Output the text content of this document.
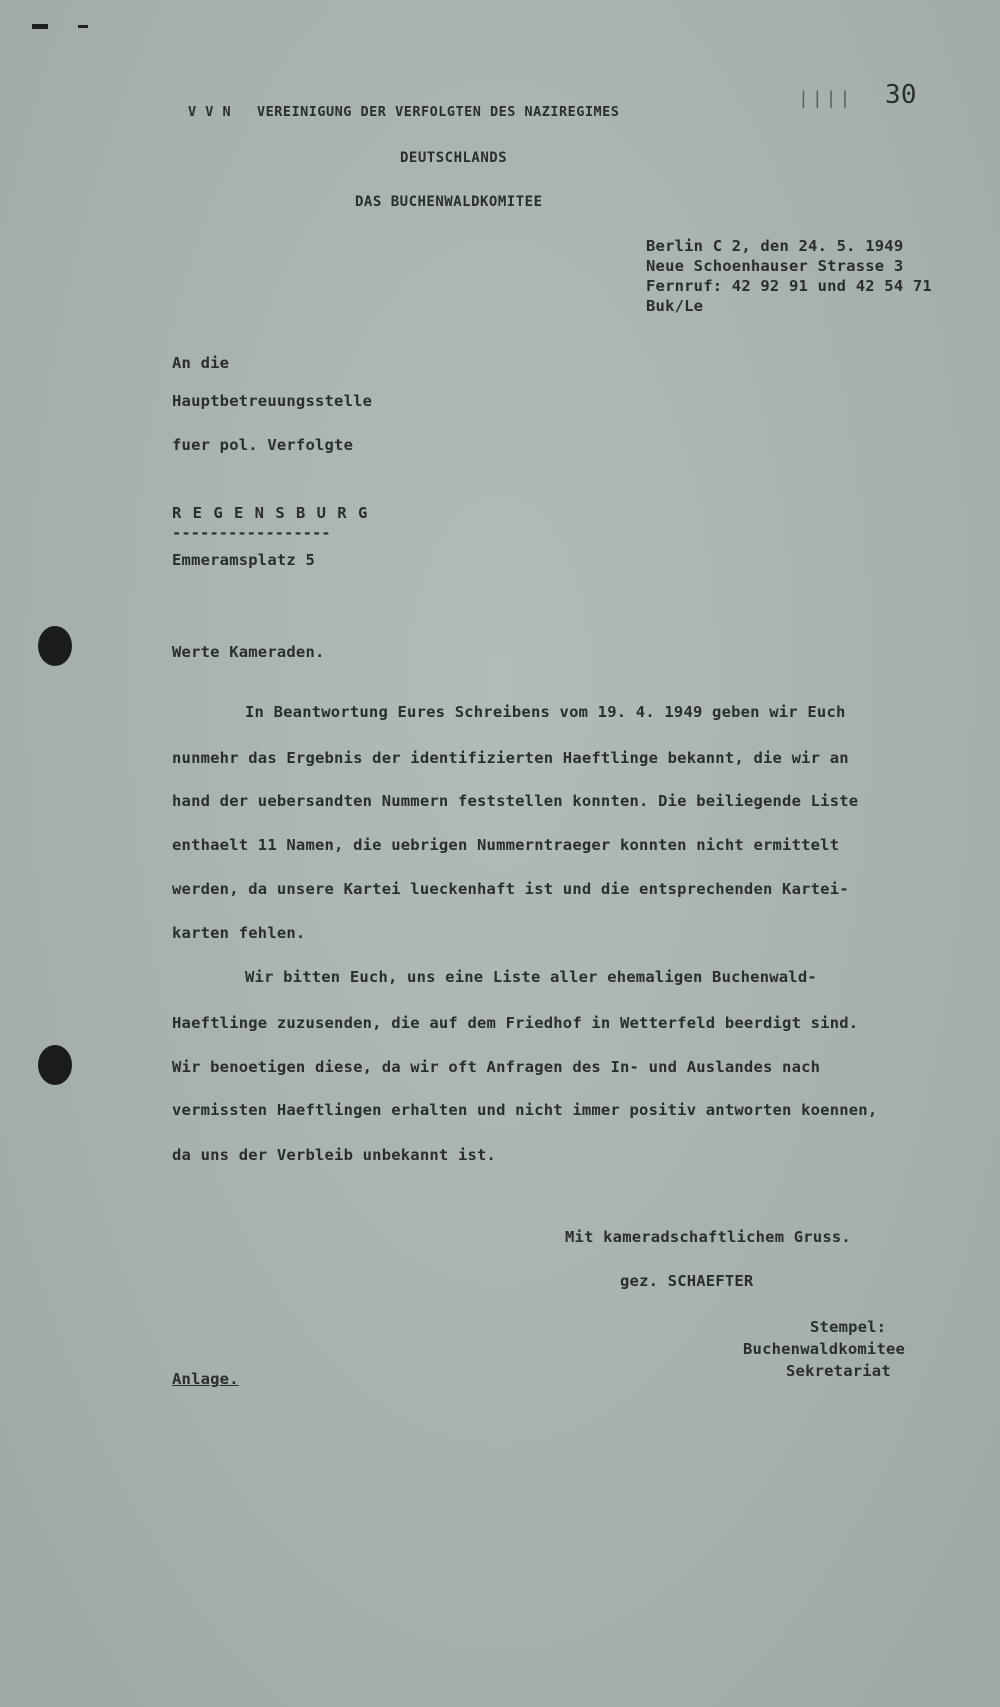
|||| 30
V V N   VEREINIGUNG DER VERFOLGTEN DES NAZIREGIMES
DEUTSCHLANDS
DAS BUCHENWALDKOMITEE
Berlin C 2, den 24. 5. 1949
Neue Schoenhauser Strasse 3
Fernruf: 42 92 91 und 42 54 71
Buk/Le
An die
Hauptbetreuungsstelle
fuer pol. Verfolgte
R E G E N S B U R G
-----------------
Emmeramsplatz 5
Werte Kameraden.
In Beantwortung Eures Schreibens vom 19. 4. 1949 geben wir Euch
nunmehr das Ergebnis der identifizierten Haeftlinge bekannt, die wir an
hand der uebersandten Nummern feststellen konnten. Die beiliegende Liste
enthaelt 11 Namen, die uebrigen Nummerntraeger konnten nicht ermittelt
werden, da unsere Kartei lueckenhaft ist und die entsprechenden Kartei-
karten fehlen.
Wir bitten Euch, uns eine Liste aller ehemaligen Buchenwald-
Haeftlinge zuzusenden, die auf dem Friedhof in Wetterfeld beerdigt sind.
Wir benoetigen diese, da wir oft Anfragen des In- und Auslandes nach
vermissten Haeftlingen erhalten und nicht immer positiv antworten koennen,
da uns der Verbleib unbekannt ist.
Mit kameradschaftlichem Gruss.
gez. SCHAEFTER
Stempel:
Buchenwaldkomitee
Sekretariat
Anlage.
